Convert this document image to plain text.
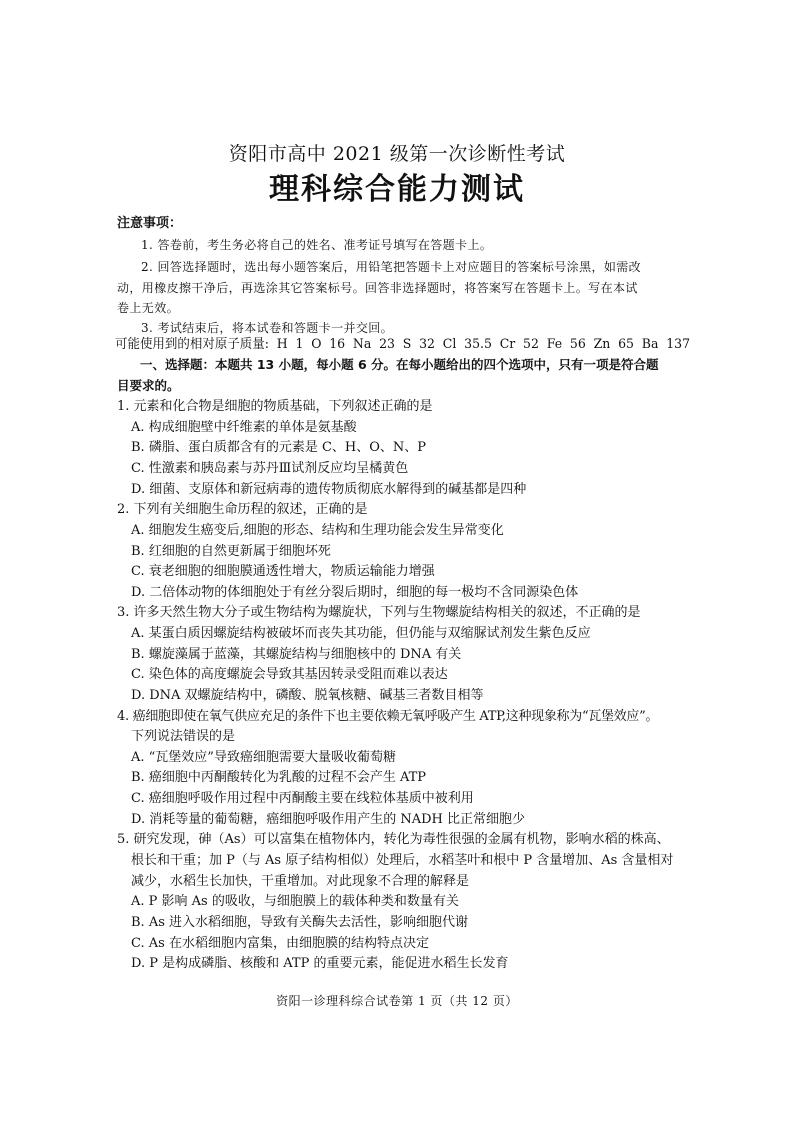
资阳市高中 2021 级第一次诊断性考试
理科综合能力测试
注意事项：
1. 答卷前，考生务必将自己的姓名、准考证号填写在答题卡上。
2. 回答选择题时，选出每小题答案后，用铅笔把答题卡上对应题目的答案标号涂黑，如需改
动，用橡皮擦干净后，再选涂其它答案标号。回答非选择题时，将答案写在答题卡上。写在本试
卷上无效。
3. 考试结束后，将本试卷和答题卡一并交回。
可能使用到的相对原子质量: H 1 O 16 Na 23 S 32 Cl 35.5 Cr 52 Fe 56 Zn 65 Ba 137
一、选择题：本题共 13 小题，每小题 6 分。在每小题给出的四个选项中，只有一项是符合题
目要求的。
1. 元素和化合物是细胞的物质基础，下列叙述正确的是
A. 构成细胞壁中纤维素的单体是氨基酸
B. 磷脂、蛋白质都含有的元素是 C、H、O、N、P
C. 性激素和胰岛素与苏丹Ⅲ试剂反应均呈橘黄色
D. 细菌、支原体和新冠病毒的遗传物质彻底水解得到的碱基都是四种
2. 下列有关细胞生命历程的叙述，正确的是
A. 细胞发生癌变后,细胞的形态、结构和生理功能会发生异常变化
B. 红细胞的自然更新属于细胞坏死
C. 衰老细胞的细胞膜通透性增大，物质运输能力增强
D. 二倍体动物的体细胞处于有丝分裂后期时，细胞的每一极均不含同源染色体
3. 许多天然生物大分子或生物结构为螺旋状，下列与生物螺旋结构相关的叙述，不正确的是
A. 某蛋白质因螺旋结构被破坏而丧失其功能，但仍能与双缩脲试剂发生紫色反应
B. 螺旋藻属于蓝藻，其螺旋结构与细胞核中的 DNA 有关
C. 染色体的高度螺旋会导致其基因转录受阻而难以表达
D. DNA 双螺旋结构中，磷酸、脱氧核糖、碱基三者数目相等
4. 癌细胞即使在氧气供应充足的条件下也主要依赖无氧呼吸产生 ATP,这种现象称为“瓦堡效应”。
下列说法错误的是
A. “瓦堡效应”导致癌细胞需要大量吸收葡萄糖
B. 癌细胞中丙酮酸转化为乳酸的过程不会产生 ATP
C. 癌细胞呼吸作用过程中丙酮酸主要在线粒体基质中被利用
D. 消耗等量的葡萄糖，癌细胞呼吸作用产生的 NADH 比正常细胞少
5. 研究发现，砷（As）可以富集在植物体内，转化为毒性很强的金属有机物，影响水稻的株高、
根长和干重；加 P（与 As 原子结构相似）处理后，水稻茎叶和根中 P 含量增加、As 含量相对
减少，水稻生长加快，干重增加。对此现象不合理的解释是
A. P 影响 As 的吸收，与细胞膜上的载体种类和数量有关
B. As 进入水稻细胞，导致有关酶失去活性，影响细胞代谢
C. As 在水稻细胞内富集，由细胞膜的结构特点决定
D. P 是构成磷脂、核酸和 ATP 的重要元素，能促进水稻生长发育
资阳一诊理科综合试卷第 1 页（共 12 页）
